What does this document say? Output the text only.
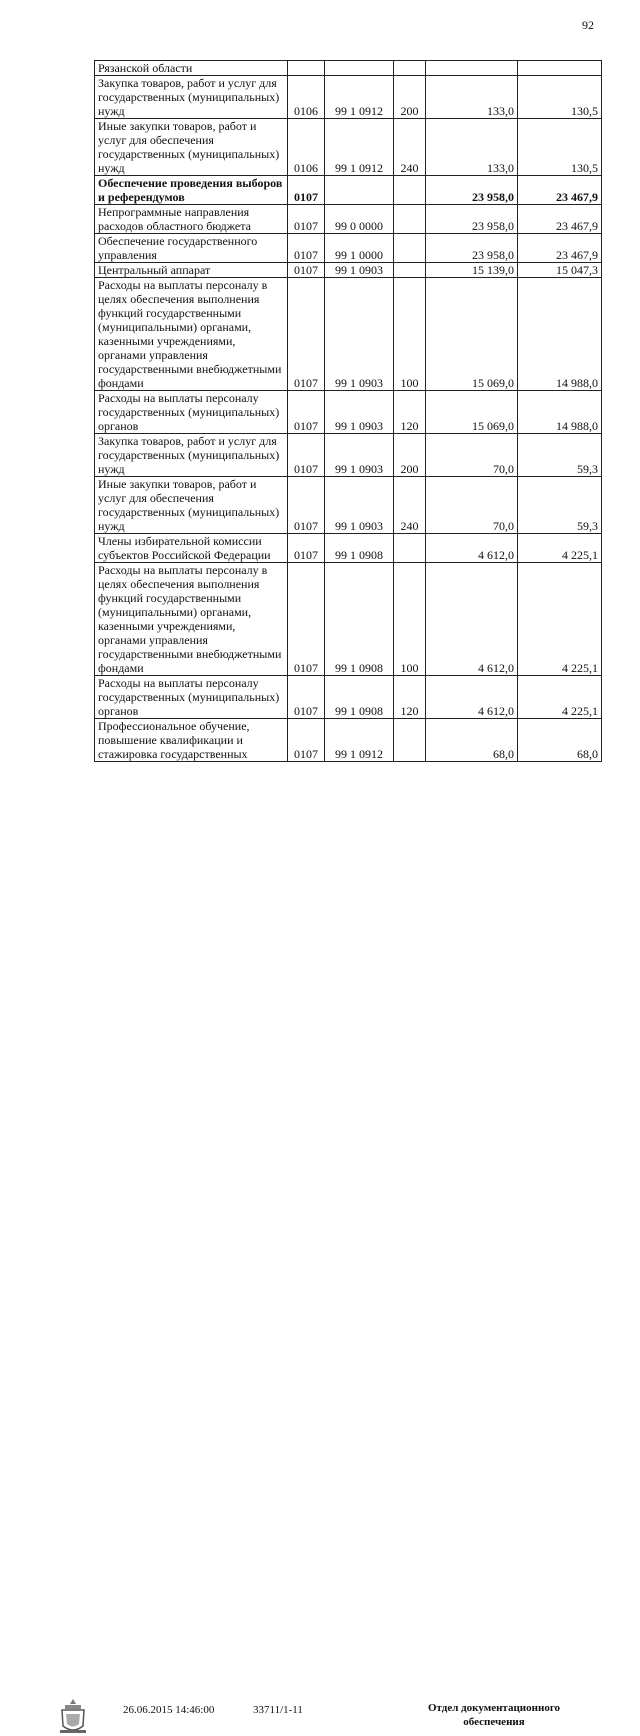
92
Рязанской области					
Закупка товаров, работ и услуг для государственных (муниципальных) нужд	0106	99 1 0912	200	133,0	130,5
Иные закупки товаров, работ и услуг для обеспечения государственных (муниципальных) нужд	0106	99 1 0912	240	133,0	130,5
Обеспечение проведения выборов и референдумов	0107			23 958,0	23 467,9
Непрограммные направления расходов областного бюджета	0107	99 0 0000		23 958,0	23 467,9
Обеспечение государственного управления	0107	99 1 0000		23 958,0	23 467,9
Центральный аппарат	0107	99 1 0903		15 139,0	15 047,3
Расходы на выплаты персоналу в целях обеспечения выполнения функций государственными (муниципальными) органами, казенными учреждениями, органами управления государственными внебюджетными фондами	0107	99 1 0903	100	15 069,0	14 988,0
Расходы на выплаты персоналу государственных (муниципальных) органов	0107	99 1 0903	120	15 069,0	14 988,0
Закупка товаров, работ и услуг для государственных (муниципальных) нужд	0107	99 1 0903	200	70,0	59,3
Иные закупки товаров, работ и услуг для обеспечения государственных (муниципальных) нужд	0107	99 1 0903	240	70,0	59,3
Члены избирательной комиссии субъектов Российской Федерации	0107	99 1 0908		4 612,0	4 225,1
Расходы на выплаты персоналу в целях обеспечения выполнения функций государственными (муниципальными) органами, казенными учреждениями, органами управления государственными внебюджетными фондами	0107	99 1 0908	100	4 612,0	4 225,1
Расходы на выплаты персоналу государственных (муниципальных) органов	0107	99 1 0908	120	4 612,0	4 225,1
Профессиональное обучение, повышение квалификации и стажировка государственных	0107	99 1 0912		68,0	68,0
26.06.2015 14:46:00	33711/1-11	Отдел документационного
обеспечения
